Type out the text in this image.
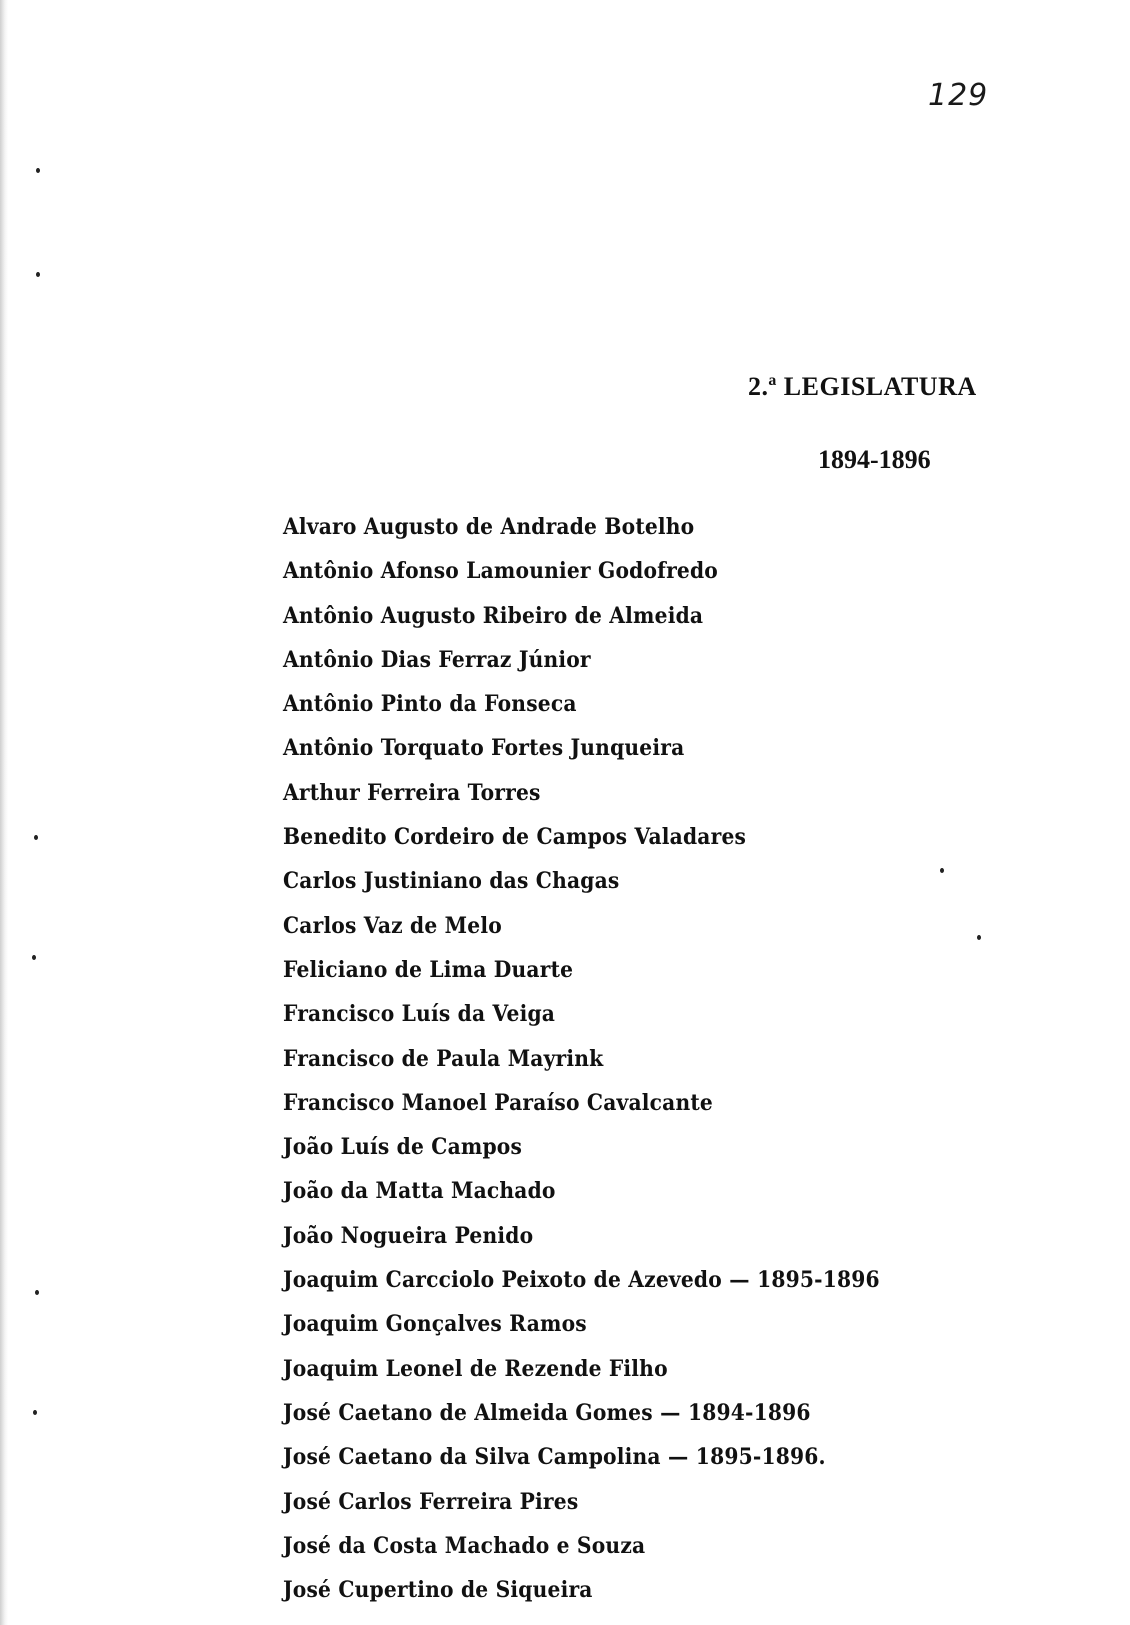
129
2.ª LEGISLATURA
1894-1896
Alvaro Augusto de Andrade Botelho
Antônio Afonso Lamounier Godofredo
Antônio Augusto Ribeiro de Almeida
Antônio Dias Ferraz Júnior
Antônio Pinto da Fonseca
Antônio Torquato Fortes Junqueira
Arthur Ferreira Torres
Benedito Cordeiro de Campos Valadares
Carlos Justiniano das Chagas
Carlos Vaz de Melo
Feliciano de Lima Duarte
Francisco Luís da Veiga
Francisco de Paula Mayrink
Francisco Manoel Paraíso Cavalcante
João Luís de Campos
João da Matta Machado
João Nogueira Penido
Joaquim Carcciolo Peixoto de Azevedo — 1895-1896
Joaquim Gonçalves Ramos
Joaquim Leonel de Rezende Filho
José Caetano de Almeida Gomes — 1894-1896
José Caetano da Silva Campolina — 1895-1896.
José Carlos Ferreira Pires
José da Costa Machado e Souza
José Cupertino de Siqueira
